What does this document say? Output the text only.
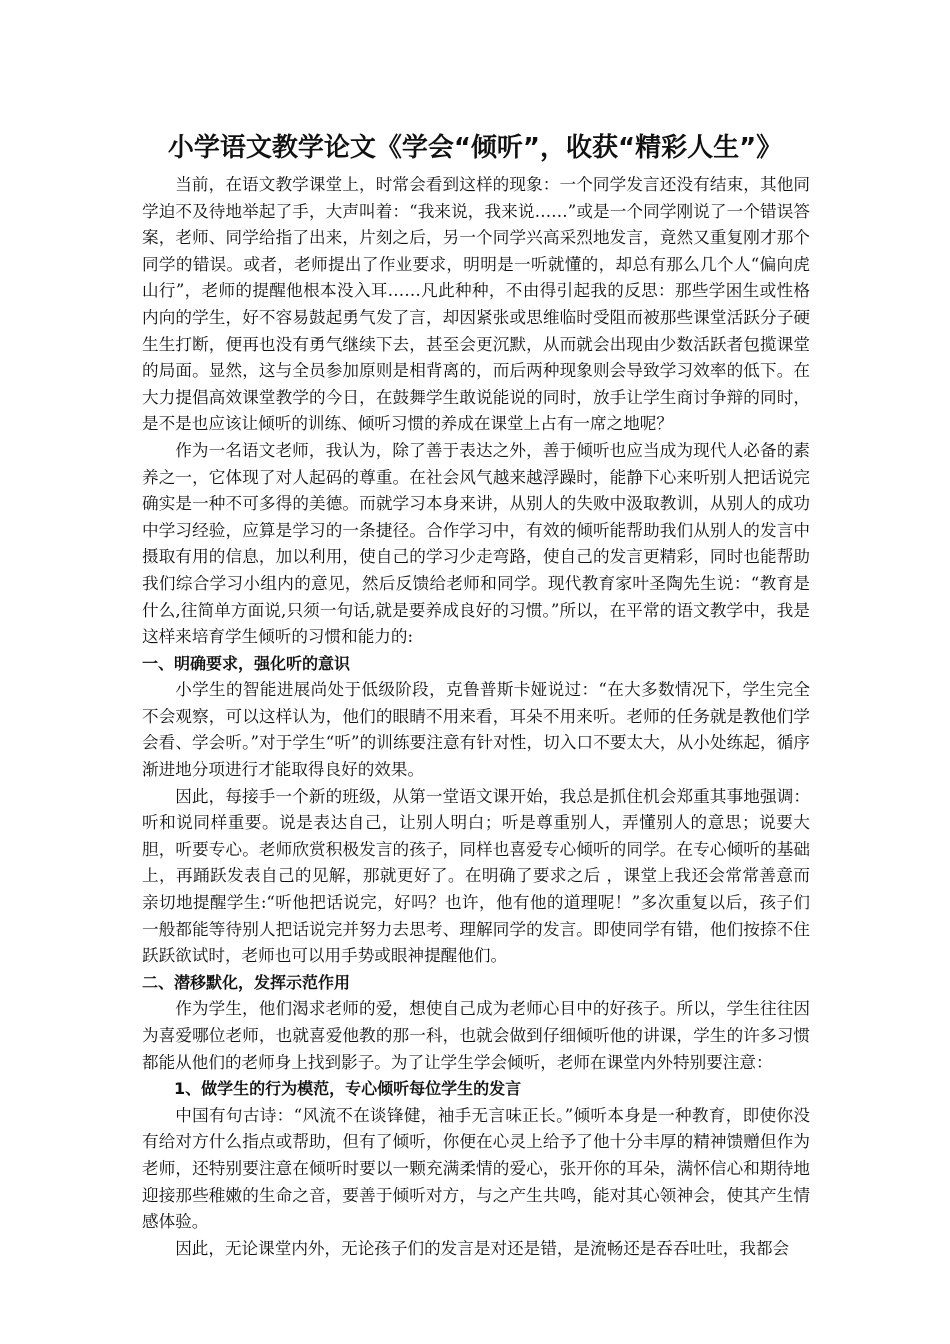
小学语文教学论文《学会“倾听”，收获“精彩人生”》

当前，在语文教学课堂上，时常会看到这样的现象：一个同学发言还没有结束，其他同学迫不及待地举起了手，大声叫着：“我来说，我来说……”或是一个同学刚说了一个错误答案，老师、同学给指了出来，片刻之后，另一个同学兴高采烈地发言，竟然又重复刚才那个同学的错误。或者，老师提出了作业要求，明明是一听就懂的，却总有那么几个人“偏向虎山行”，老师的提醒他根本没入耳……凡此种种，不由得引起我的反思：那些学困生或性格内向的学生，好不容易鼓起勇气发了言，却因紧张或思维临时受阻而被那些课堂活跃分子硬生生打断，便再也没有勇气继续下去，甚至会更沉默，从而就会出现由少数活跃者包揽课堂的局面。显然，这与全员参加原则是相背离的，而后两种现象则会导致学习效率的低下。在大力提倡高效课堂教学的今日，在鼓舞学生敢说能说的同时，放手让学生商讨争辩的同时，是不是也应该让倾听的训练、倾听习惯的养成在课堂上占有一席之地呢？

作为一名语文老师，我认为，除了善于表达之外，善于倾听也应当成为现代人必备的素养之一，它体现了对人起码的尊重。在社会风气越来越浮躁时，能静下心来听别人把话说完确实是一种不可多得的美德。而就学习本身来讲，从别人的失败中汲取教训，从别人的成功中学习经验，应算是学习的一条捷径。合作学习中，有效的倾听能帮助我们从别人的发言中摄取有用的信息，加以利用，使自己的学习少走弯路，使自己的发言更精彩，同时也能帮助我们综合学习小组内的意见，然后反馈给老师和同学。现代教育家叶圣陶先生说：“教育是什么,往简单方面说,只须一句话,就是要养成良好的习惯。”所以，在平常的语文教学中，我是这样来培育学生倾听的习惯和能力的:

一、明确要求，强化听的意识

小学生的智能进展尚处于低级阶段，克鲁普斯卡娅说过：“在大多数情况下，学生完全不会观察，可以这样认为，他们的眼睛不用来看，耳朵不用来听。老师的任务就是教他们学会看、学会听。”对于学生“听”的训练要注意有针对性，切入口不要太大，从小处练起，循序渐进地分项进行才能取得良好的效果。

因此，每接手一个新的班级，从第一堂语文课开始，我总是抓住机会郑重其事地强调：听和说同样重要。说是表达自己，让别人明白；听是尊重别人，弄懂别人的意思；说要大胆，听要专心。老师欣赏积极发言的孩子，同样也喜爱专心倾听的同学。在专心倾听的基础上，再踊跃发表自己的见解，那就更好了。在明确了要求之后 ，课堂上我还会常常善意而亲切地提醒学生:“听他把话说完，好吗？也许，他有他的道理呢！”多次重复以后，孩子们一般都能等待别人把话说完并努力去思考、理解同学的发言。即使同学有错，他们按捺不住跃跃欲试时，老师也可以用手势或眼神提醒他们。

二、潜移默化，发挥示范作用

作为学生，他们渴求老师的爱，想使自己成为老师心目中的好孩子。所以，学生往往因为喜爱哪位老师，也就喜爱他教的那一科，也就会做到仔细倾听他的讲课，学生的许多习惯都能从他们的老师身上找到影子。为了让学生学会倾听，老师在课堂内外特别要注意：

1、做学生的行为模范，专心倾听每位学生的发言

中国有句古诗：“风流不在谈锋健，袖手无言味正长。”倾听本身是一种教育，即使你没有给对方什么指点或帮助，但有了倾听，你便在心灵上给予了他十分丰厚的精神馈赠但作为老师，还特别要注意在倾听时要以一颗充满柔情的爱心，张开你的耳朵，满怀信心和期待地迎接那些稚嫩的生命之音，要善于倾听对方，与之产生共鸣，能对其心领神会，使其产生情感体验。

因此，无论课堂内外，无论孩子们的发言是对还是错，是流畅还是吞吞吐吐，我都会
